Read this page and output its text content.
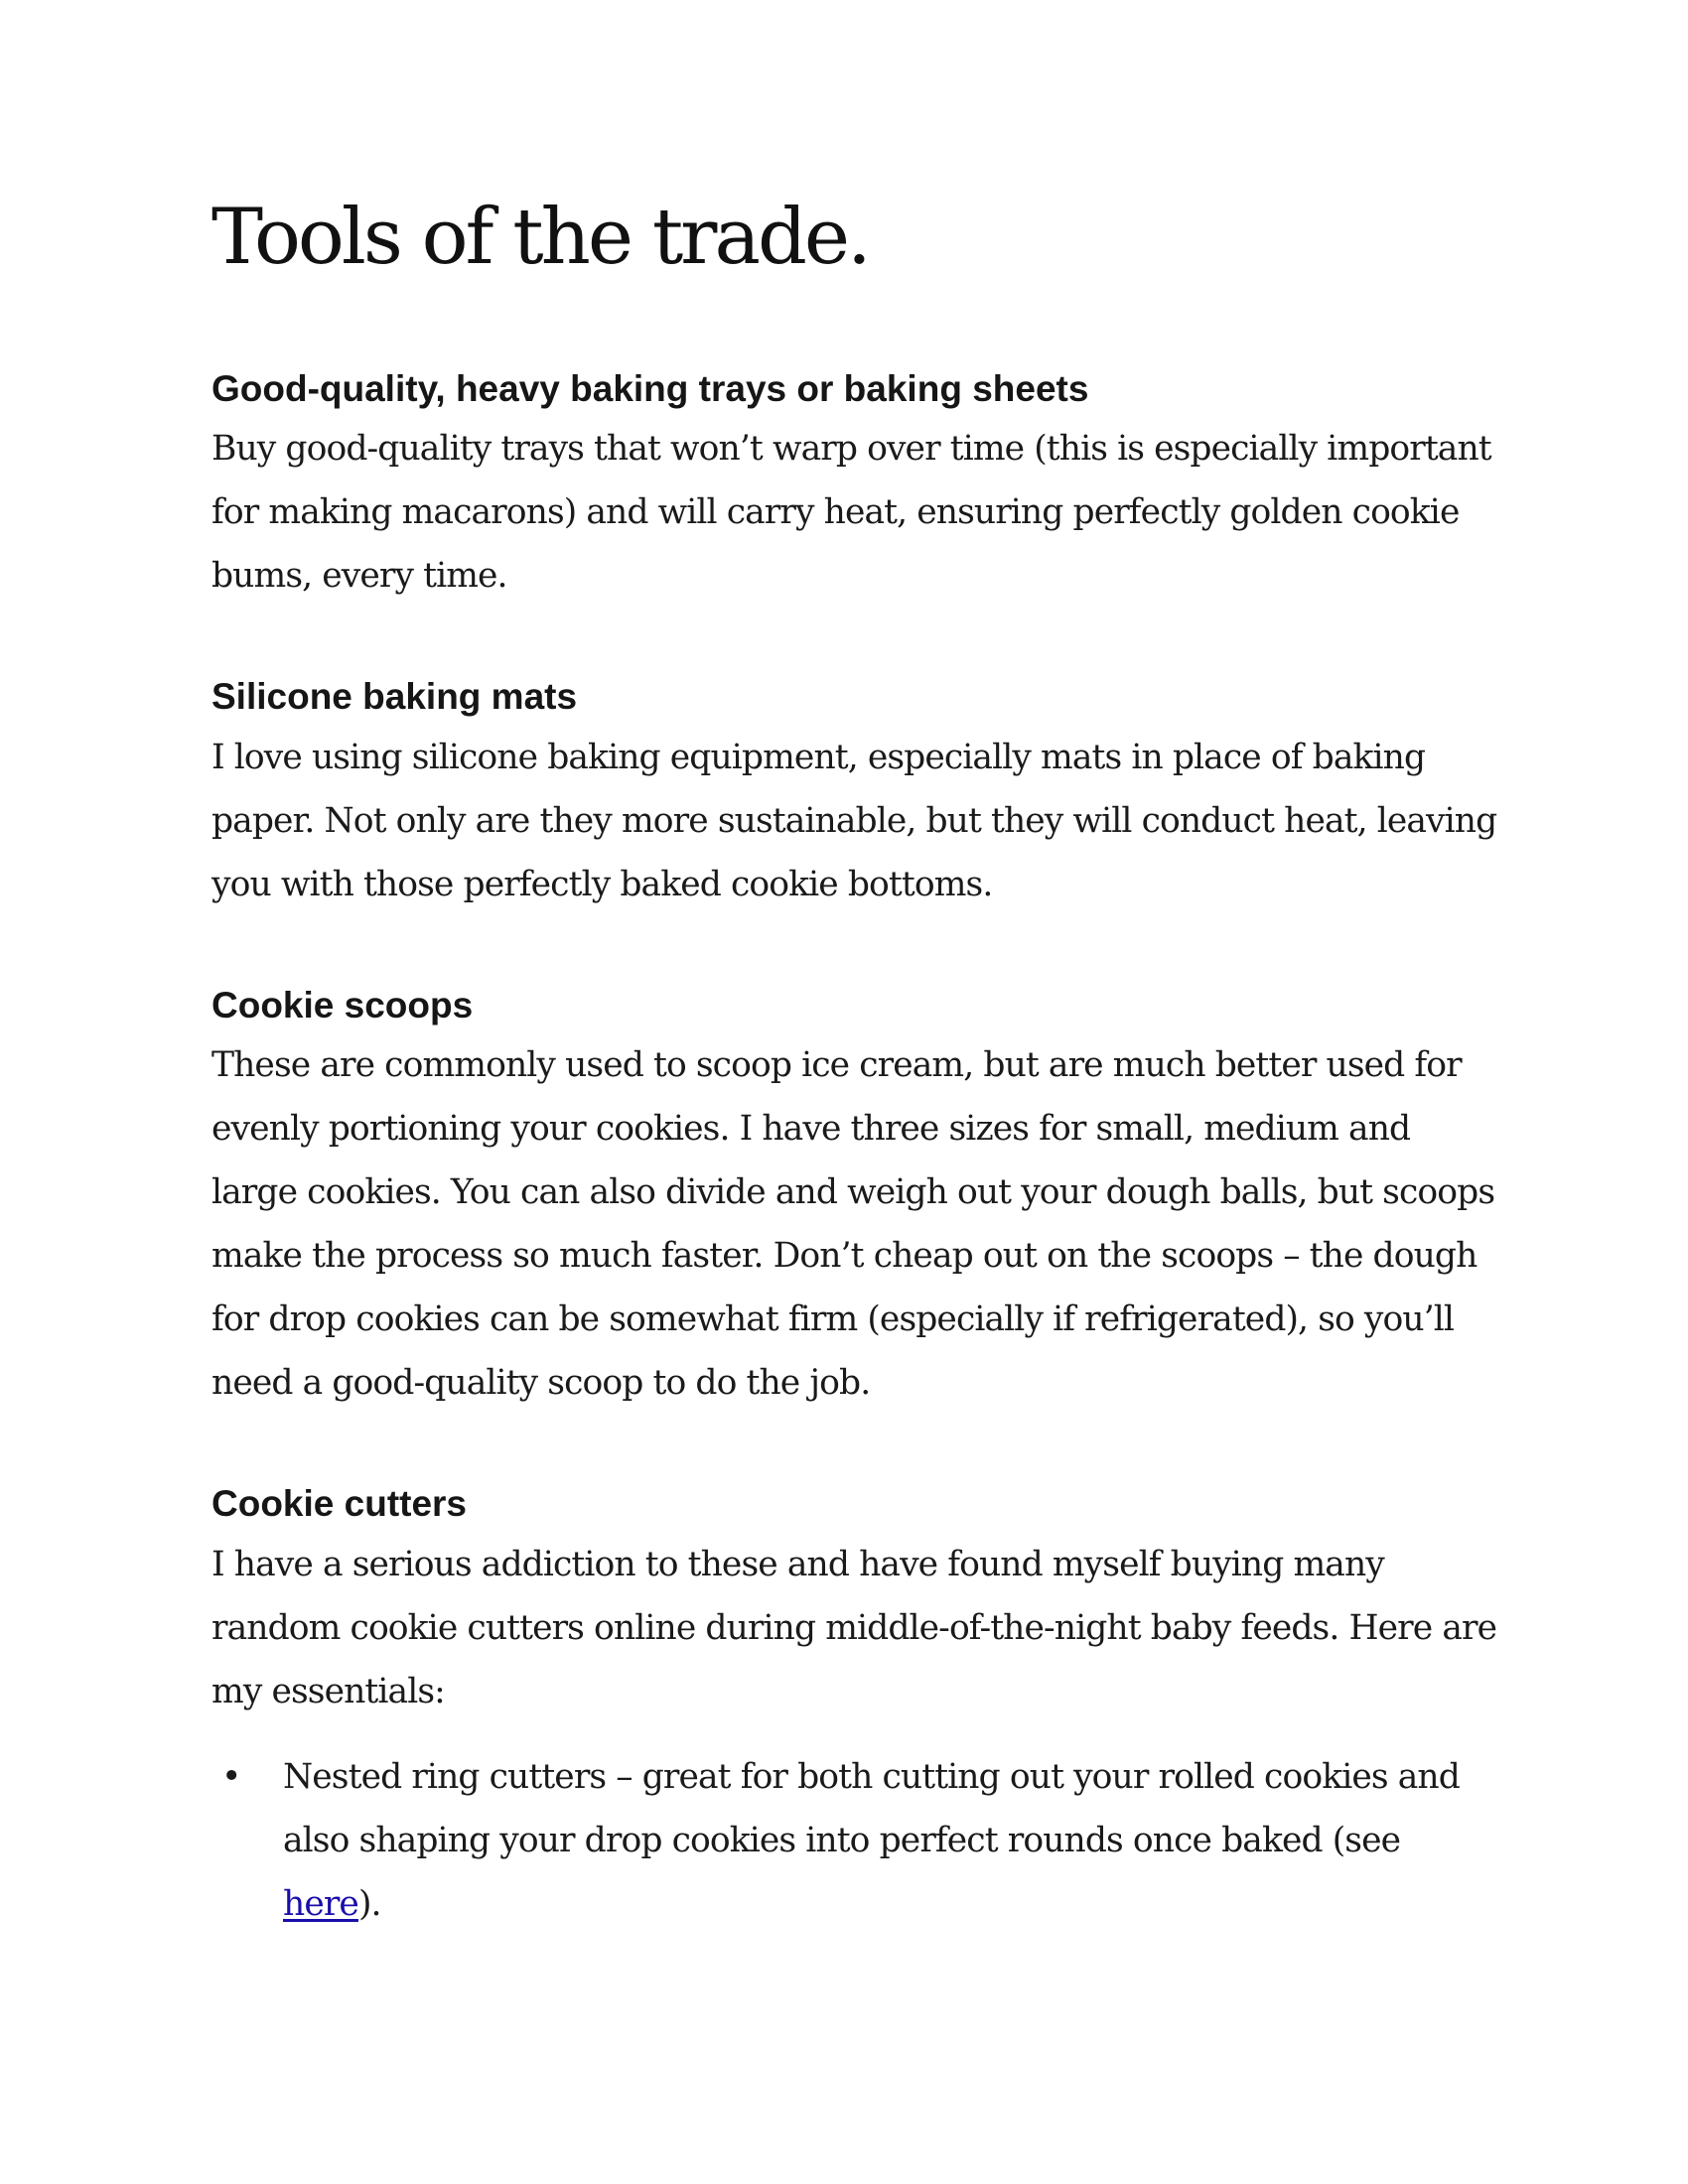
Tools of the trade.
Good-quality, heavy baking trays or baking sheets

Buy good-quality trays that won’t warp over time (this is especially important for making macarons) and will carry heat, ensuring perfectly golden cookie bums, every time.

Silicone baking mats

I love using silicone baking equipment, especially mats in place of baking paper. Not only are they more sustainable, but they will conduct heat, leaving you with those perfectly baked cookie bottoms.

Cookie scoops

These are commonly used to scoop ice cream, but are much better used for evenly portioning your cookies. I have three sizes for small, medium and large cookies. You can also divide and weigh out your dough balls, but scoops make the process so much faster. Don’t cheap out on the scoops – the dough for drop cookies can be somewhat firm (especially if refrigerated), so you’ll need a good-quality scoop to do the job.

Cookie cutters

I have a serious addiction to these and have found myself buying many random cookie cutters online during middle-of-the-night baby feeds. Here are my essentials:

• Nested ring cutters – great for both cutting out your rolled cookies and also shaping your drop cookies into perfect rounds once baked (see here).
